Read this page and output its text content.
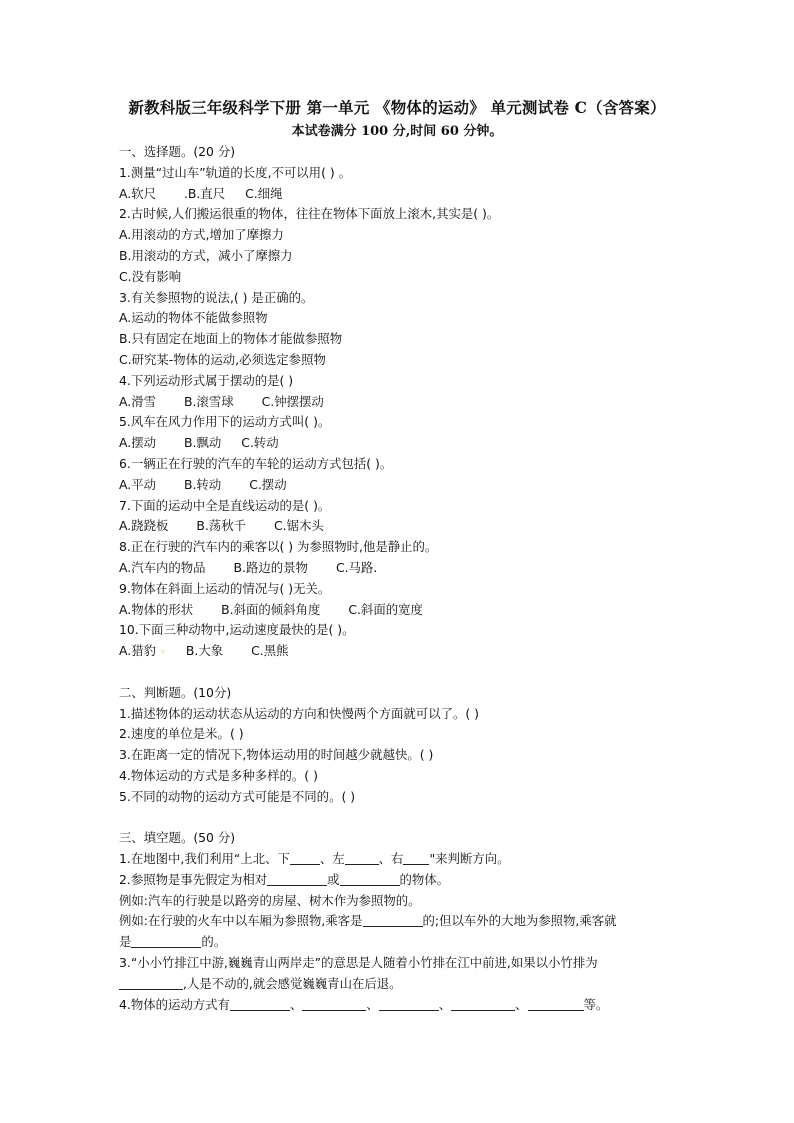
新教科版三年级科学下册 第一单元 《物体的运动》 单元测试卷 C（含答案）
本试卷满分 100 分,时间 60 分钟。
一、选择题。(20 分)
1.测量“过山车”轨道的长度,不可以用( ) 。
A.软尺 .B.直尺 C.细绳
2.古时候,人们搬运很重的物体，往往在物体下面放上滚木,其实是( )。
A.用滚动的方式,增加了摩擦力
B.用滚动的方式，减小了摩擦力
C.没有影响
3.有关参照物的说法,( ) 是正确的。
A.运动的物体不能做参照物
B.只有固定在地面上的物体才能做参照物
C.研究某-物体的运动,必须选定参照物
4.下列运动形式属于摆动的是( )
A.滑雪 B.滚雪球 C.钟摆摆动
5.风车在风力作用下的运动方式叫( )。
A.摆动 B.飘动 C.转动
6.一辆正在行驶的汽车的车轮的运动方式包括( )。
A.平动 B.转动 C.摆动
7.下面的运动中全是直线运动的是( )。
A.跷跷板 B.荡秋千 C.锯木头
8.正在行驶的汽车内的乘客以( ) 为参照物时,他是静止的。
A.汽车内的物品 B.路边的景物 C.马路.
9.物体在斜面上运动的情况与( )无关。
A.物体的形状 B.斜面的倾斜角度 C.斜面的宽度
10.下面三种动物中,运动速度最快的是( )。
A.猎豹 ◦ B.大象 C.黑熊
二、判断题。(10分)
1.描述物体的运动状态从运动的方向和快慢两个方面就可以了。( )
2.速度的单位是米。( )
3.在距离一定的情况下,物体运动用的时间越少就越快。( )
4.物体运动的方式是多种多样的。( )
5.不同的动物的运动方式可能是不同的。( )
三、填空题。(50 分)
1.在地图中,我们利用“上北、下 、左	、右 "来判断方向。
2.参照物是事先假定为相对	或	的物体。
例如:汽车的行驶是以路旁的房屋、树木作为参照物的。
例如:在行驶的火车中以车厢为参照物,乘客是	的;但以车外的大地为参照物,乘客就
是	的。
3.“小小竹排江中游,巍巍青山两岸走”的意思是人随着小竹排在江中前进,如果以小竹排为
,人是不动的,就会感觉巍巍青山在后退。
4.物体的运动方式有	、	、	、	、	等。
